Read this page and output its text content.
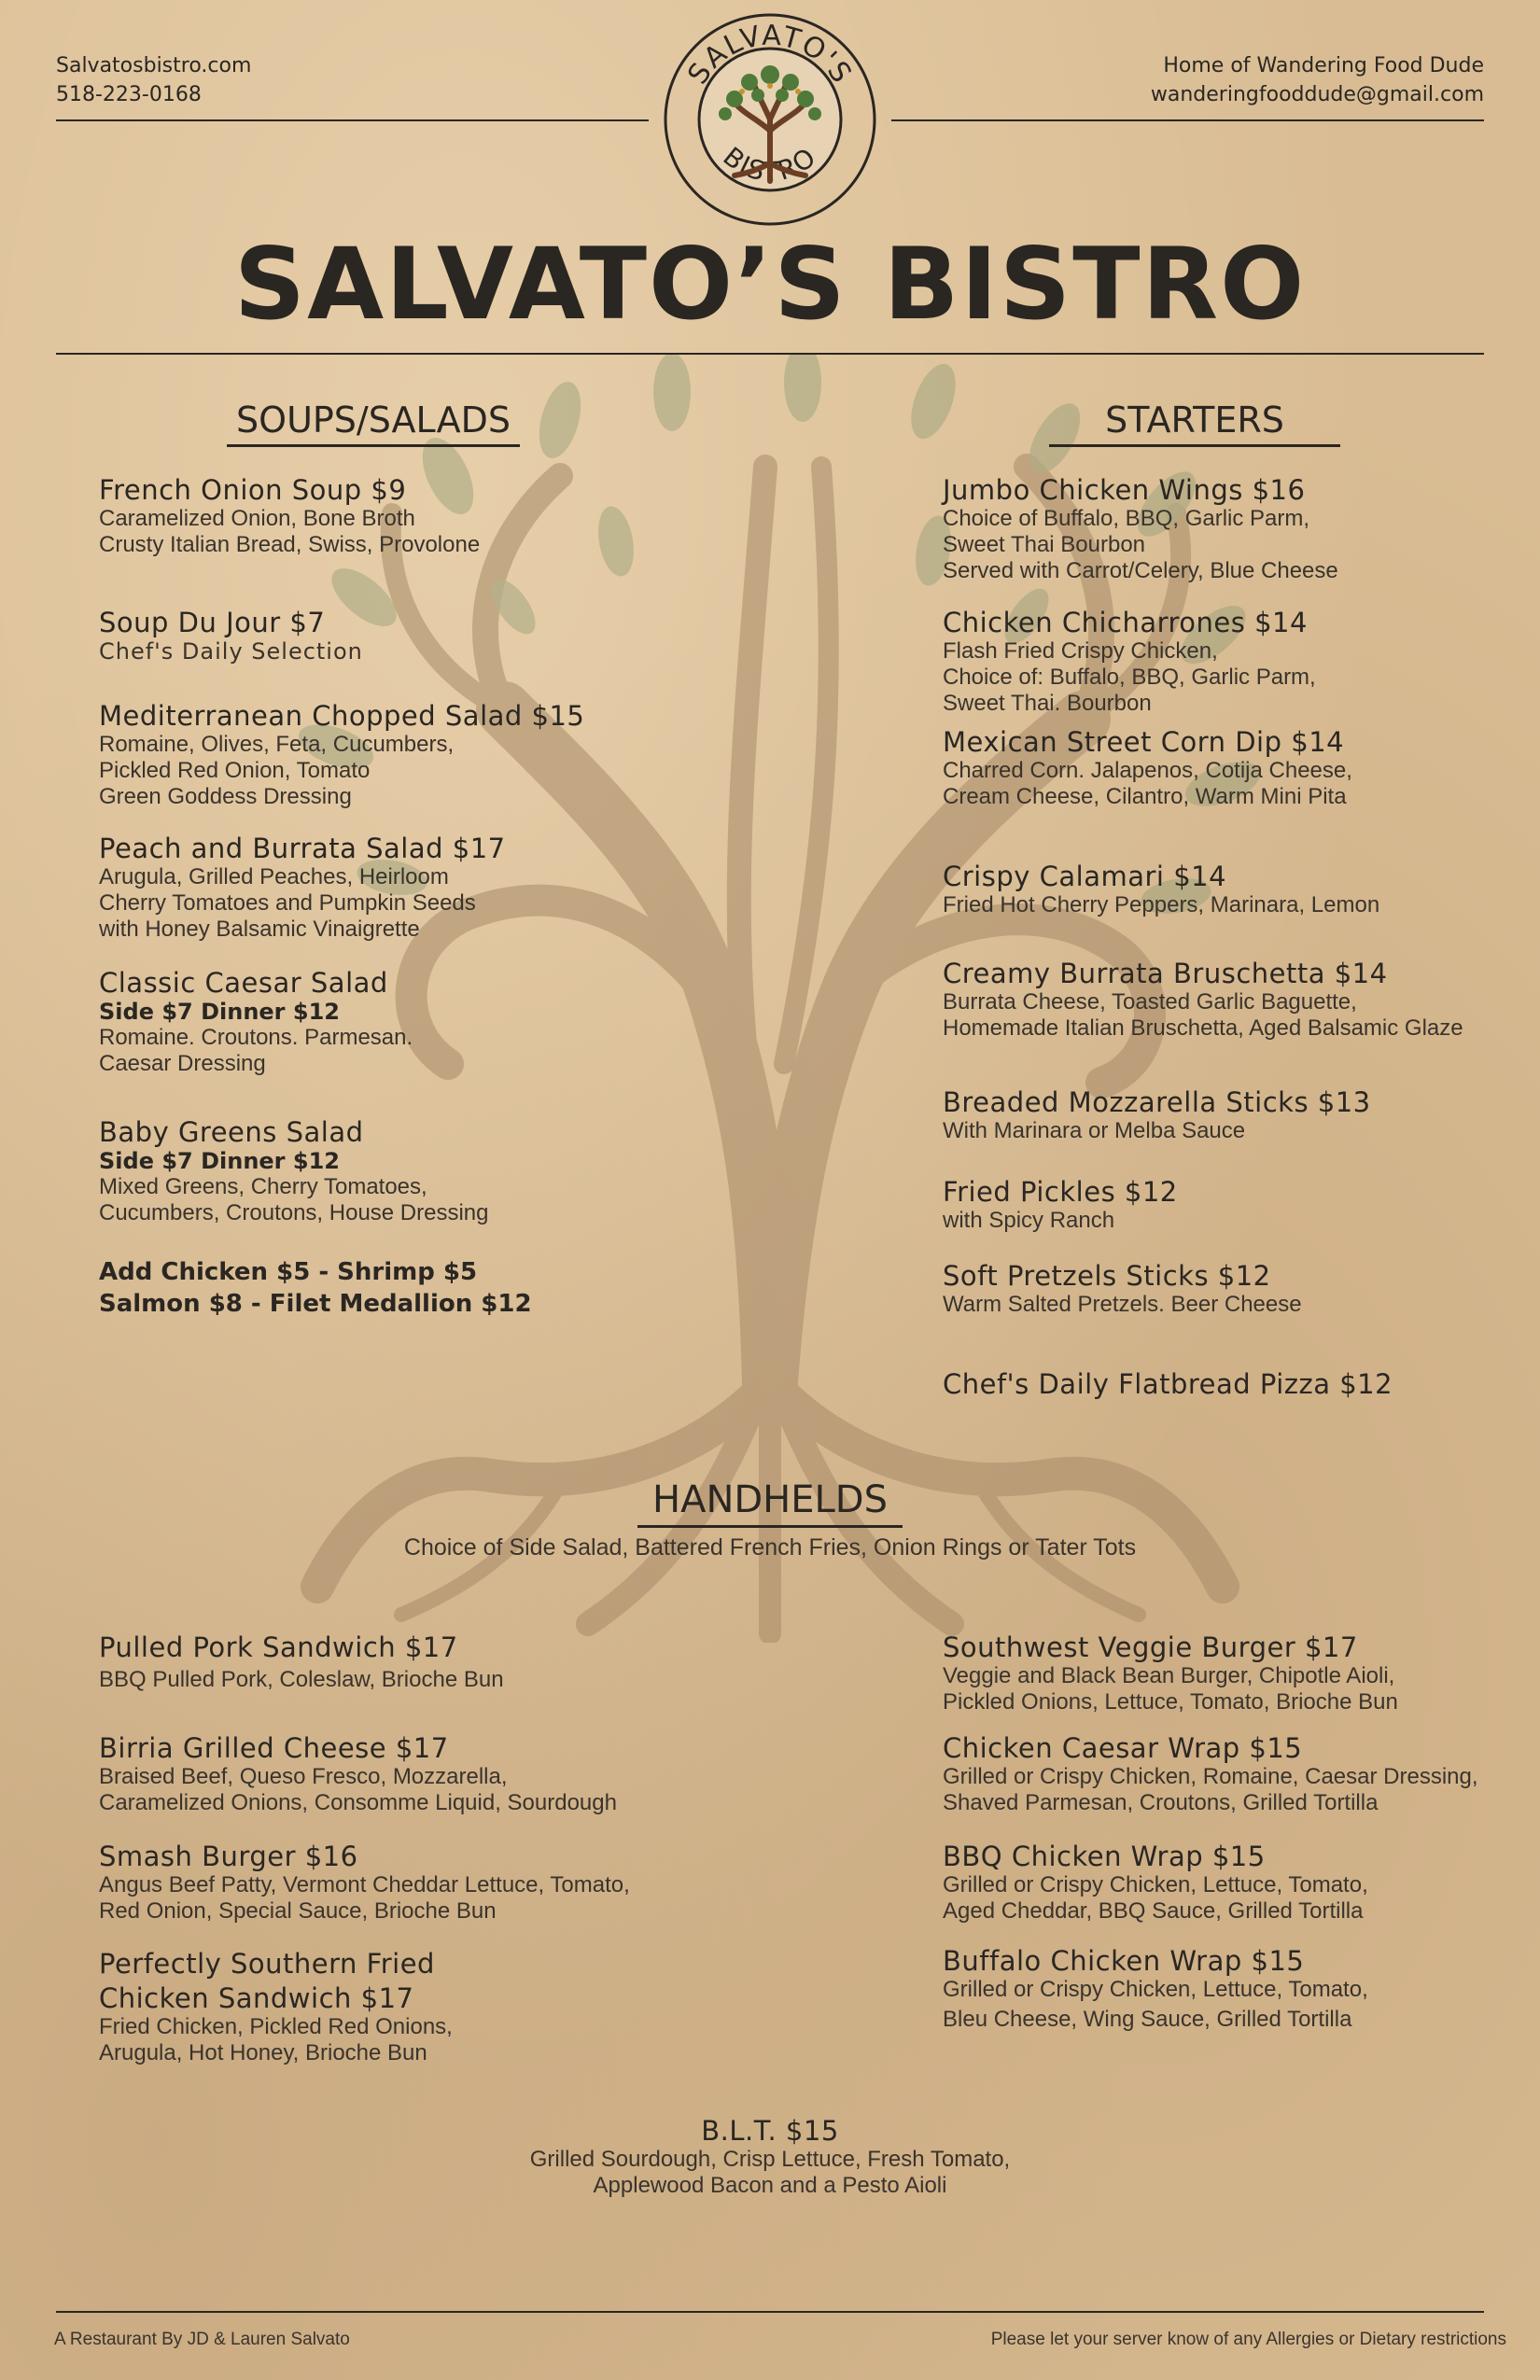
Salvatosbistro.com
518-223-0168
Home of Wandering Food Dude
wanderingfooddude@gmail.com
SALVATO'S
BISTRO
SALVATO’S BISTRO
SOUPS/SALADS
French Onion Soup $9
Caramelized Onion, Bone Broth
Crusty Italian Bread, Swiss, Provolone
Soup Du Jour $7
Chef's Daily Selection
Mediterranean Chopped Salad $15
Romaine, Olives, Feta, Cucumbers,
Pickled Red Onion, Tomato
Green Goddess Dressing
Peach and Burrata Salad $17
Arugula, Grilled Peaches, Heirloom
Cherry Tomatoes and Pumpkin Seeds
with Honey Balsamic Vinaigrette
Classic Caesar Salad
Side $7 Dinner $12
Romaine. Croutons. Parmesan.
Caesar Dressing
Baby Greens Salad
Side $7 Dinner $12
Mixed Greens, Cherry Tomatoes,
Cucumbers, Croutons, House Dressing
Add Chicken $5 - Shrimp $5
Salmon $8 - Filet Medallion $12
STARTERS
Jumbo Chicken Wings $16
Choice of Buffalo, BBQ, Garlic Parm,
Sweet Thai Bourbon
Served with Carrot/Celery, Blue Cheese
Chicken Chicharrones $14
Flash Fried Crispy Chicken,
Choice of: Buffalo, BBQ, Garlic Parm,
Sweet Thai. Bourbon
Mexican Street Corn Dip $14
Charred Corn. Jalapenos, Cotija Cheese,
Cream Cheese, Cilantro, Warm Mini Pita
Crispy Calamari $14
Fried Hot Cherry Peppers, Marinara, Lemon
Creamy Burrata Bruschetta $14
Burrata Cheese, Toasted Garlic Baguette,
Homemade Italian Bruschetta, Aged Balsamic Glaze
Breaded Mozzarella Sticks $13
With Marinara or Melba Sauce
Fried Pickles $12
with Spicy Ranch
Soft Pretzels Sticks $12
Warm Salted Pretzels. Beer Cheese
Chef's Daily Flatbread Pizza $12
HANDHELDS
Choice of Side Salad, Battered French Fries, Onion Rings or Tater Tots
Pulled Pork Sandwich $17
BBQ Pulled Pork, Coleslaw, Brioche Bun
Birria Grilled Cheese $17
Braised Beef, Queso Fresco, Mozzarella,
Caramelized Onions, Consomme Liquid, Sourdough
Smash Burger $16
Angus Beef Patty, Vermont Cheddar Lettuce, Tomato,
Red Onion, Special Sauce, Brioche Bun
Perfectly Southern Fried
Chicken Sandwich $17
Fried Chicken, Pickled Red Onions,
Arugula, Hot Honey, Brioche Bun
Southwest Veggie Burger $17
Veggie and Black Bean Burger, Chipotle Aioli,
Pickled Onions, Lettuce, Tomato, Brioche Bun
Chicken Caesar Wrap $15
Grilled or Crispy Chicken, Romaine, Caesar Dressing,
Shaved Parmesan, Croutons, Grilled Tortilla
BBQ Chicken Wrap $15
Grilled or Crispy Chicken, Lettuce, Tomato,
Aged Cheddar, BBQ Sauce, Grilled Tortilla
Buffalo Chicken Wrap $15
Grilled or Crispy Chicken, Lettuce, Tomato,
Bleu Cheese, Wing Sauce, Grilled Tortilla
B.L.T. $15
Grilled Sourdough, Crisp Lettuce, Fresh Tomato,
Applewood Bacon and a Pesto Aioli
A Restaurant By JD & Lauren Salvato	Please let your server know of any Allergies or Dietary restrictions
